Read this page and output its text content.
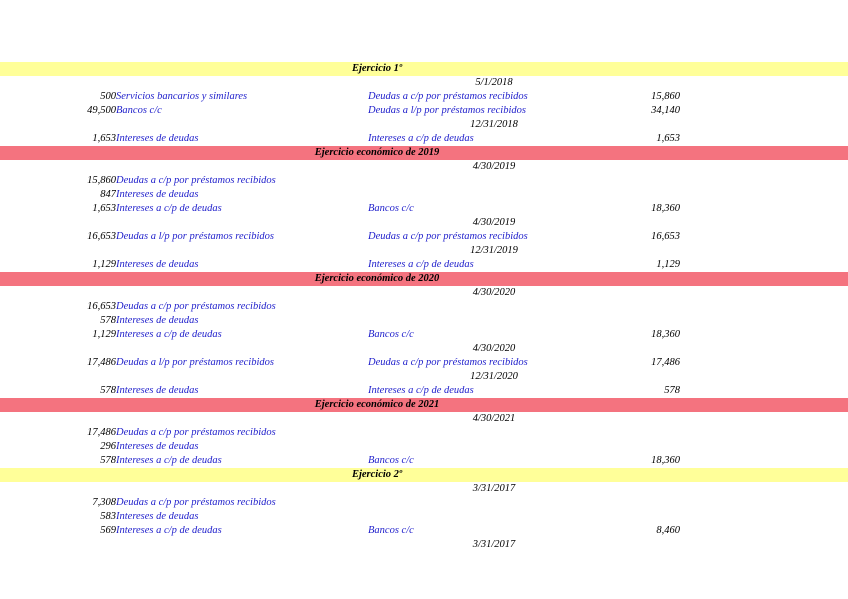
	Ejercicio 1º				
			5/1/2018		
	500	Servicios bancarios y similares	Deudas a c/p por préstamos recibidos	15,860	
	49,500	Bancos c/c	Deudas a l/p por préstamos recibidos	34,140	
			12/31/2018		
	1,653	Intereses de deudas	Intereses a c/p de deudas	1,653	
	Ejercicio económico de 2019				
			4/30/2019		
	15,860	Deudas a c/p por préstamos recibidos			
	847	Intereses de deudas			
	1,653	Intereses a c/p de deudas	Bancos c/c	18,360	
			4/30/2019		
	16,653	Deudas a l/p por préstamos recibidos	Deudas a c/p por préstamos recibidos	16,653	
			12/31/2019		
	1,129	Intereses de deudas	Intereses a c/p de deudas	1,129	
	Ejercicio económico de 2020				
			4/30/2020		
	16,653	Deudas a c/p por préstamos recibidos			
	578	Intereses de deudas			
	1,129	Intereses a c/p de deudas	Bancos c/c	18,360	
			4/30/2020		
	17,486	Deudas a l/p por préstamos recibidos	Deudas a c/p por préstamos recibidos	17,486	
			12/31/2020		
	578	Intereses de deudas	Intereses a c/p de deudas	578	
	Ejercicio económico de 2021				
			4/30/2021		
	17,486	Deudas a c/p por préstamos recibidos			
	296	Intereses de deudas			
	578	Intereses a c/p de deudas	Bancos c/c	18,360	
	Ejercicio 2º				
			3/31/2017		
	7,308	Deudas a c/p por préstamos recibidos			
	583	Intereses de deudas			
	569	Intereses a c/p de deudas	Bancos c/c	8,460	
			3/31/2017		
